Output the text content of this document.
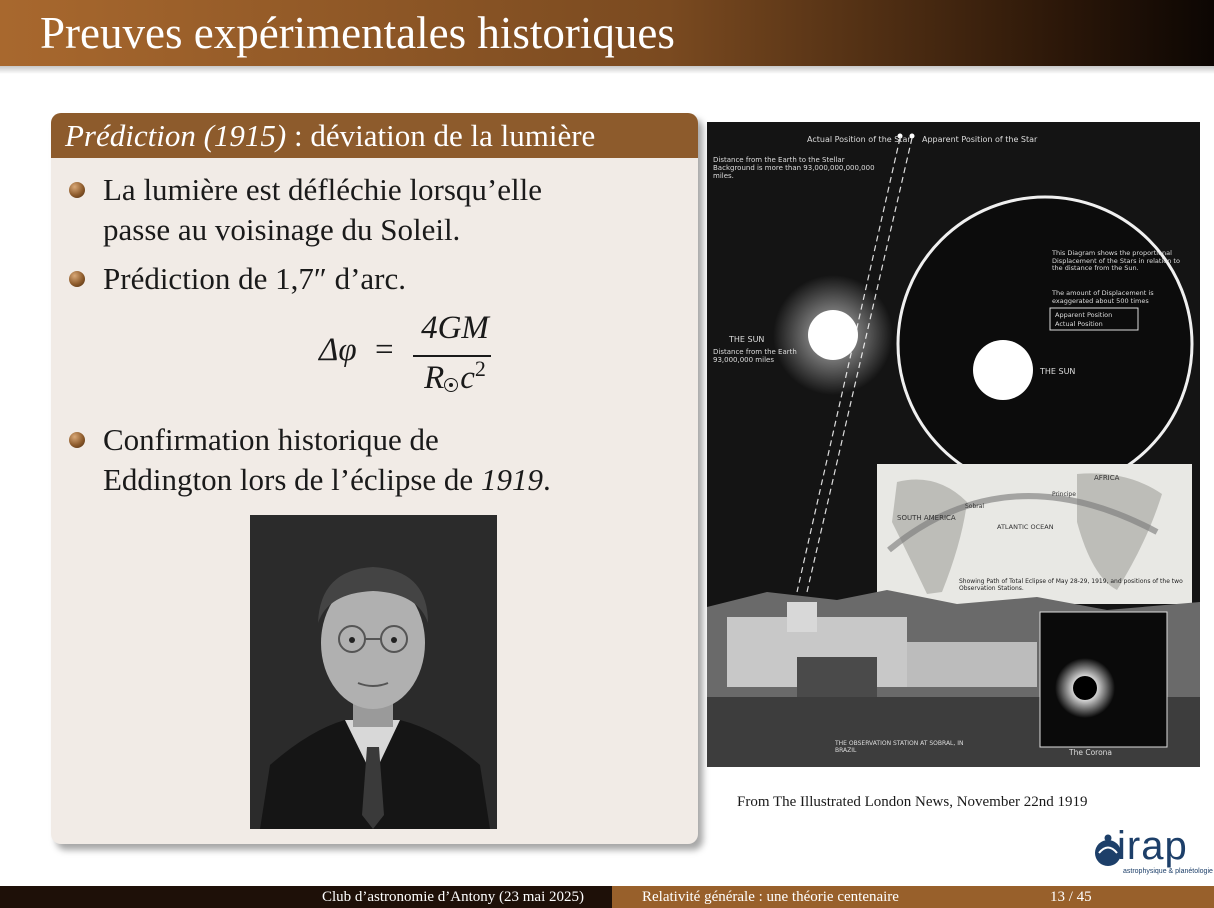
Preuves expérimentales historiques
Prédiction (1915) : déviation de la lumière
La lumière est défléchie lorsqu’elle
passe au voisinage du Soleil.
Prédiction de 1,7″ d’arc.
Δφ =
4GM
R $c^2$
Confirmation historique de
Eddington lors de l’éclipse de 1919.
Actual Position of the Star Apparent Position of the Star
Distance from the Earth to the Stellar Background is more than 93,000,000,000,000 miles.
THE SUN
Distance from the Earth 93,000,000 miles
THE SUN
This Diagram shows the proportional Displacement of the Stars in relation to the distance from the Sun.
The amount of Displacement is exaggerated about 500 times
Apparent Position
Actual Position
SOUTH AMERICA
AFRICA
ATLANTIC OCEAN
Sobral
Principe
Showing Path of Total Eclipse of May 28-29, 1919, and positions of the two Observation Stations.
The Corona
THE OBSERVATION STATION AT SOBRAL, IN BRAZIL
From The Illustrated London News, November 22nd 1919
irap
astrophysique & planétologie
Club d’astronomie d’Antony (23 mai 2025)	Relativité générale : une théorie centenaire	13 / 45
